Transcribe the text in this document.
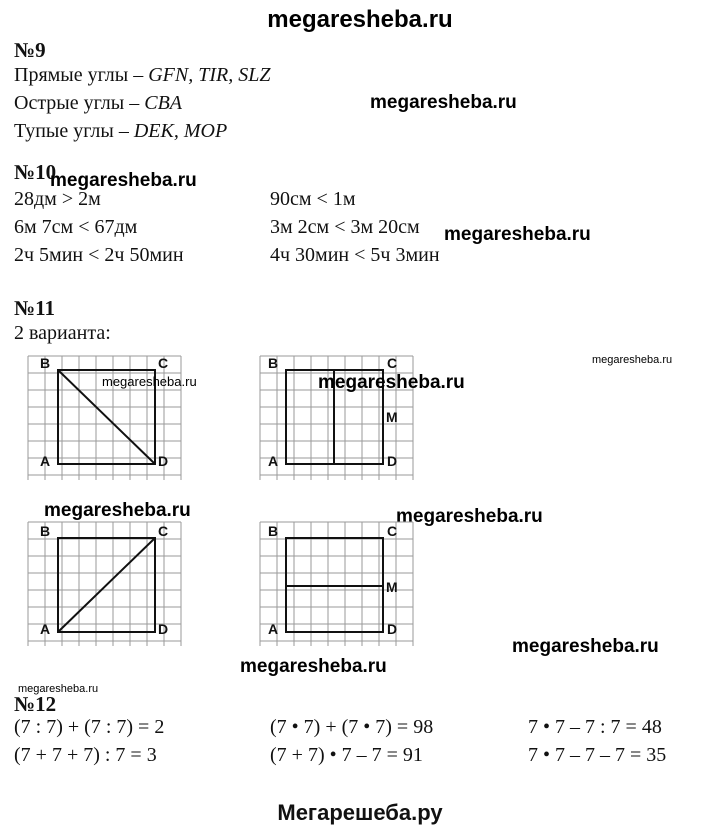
megaresheba.ru
№9
Прямые углы – GFN, TIR, SLZ
Острые углы – CBA
Тупые углы – DEK, MOP
megaresheba.ru
№10
megaresheba.ru
28дм > 2м	90см < 1м
6м 7см < 67дм	3м 2см < 3м 20см megaresheba.ru
2ч 5мин < 2ч 50мин	4ч 30мин < 5ч 3мин
№11
2 варианта:
B	C
A	D
megaresheba.ru
B	C
M
A	D
megaresheba.ru
megaresheba.ru
megaresheba.ru	megaresheba.ru
B	C
A	D
B	C
M
A	D
megaresheba.ru
megaresheba.ru
megaresheba.ru
№12
(7 : 7) + (7 : 7) = 2	(7 • 7) + (7 • 7) = 98	7 • 7 – 7 : 7 = 48
(7 + 7 + 7) : 7 = 3	(7 + 7) • 7 – 7 = 91	7 • 7 – 7 – 7 = 35
Мегарешеба.ру
